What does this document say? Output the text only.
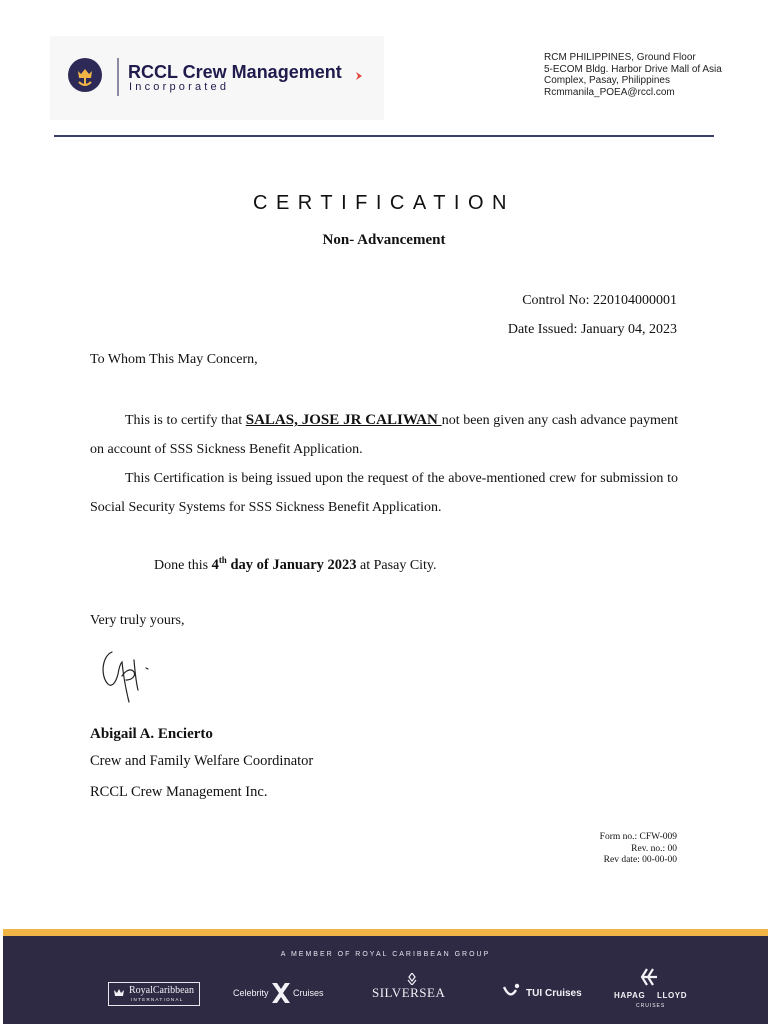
RCCL Crew Management
Incorporated
RCM PHILIPPINES, Ground Floor
5-ECOM Bldg. Harbor Drive Mall of Asia
Complex, Pasay, Philippines
Rcmmanila_POEA@rccl.com
CERTIFICATION
Non- Advancement
Control No: 220104000001
Date Issued: January 04, 2023
To Whom This May Concern,
This is to certify that SALAS, JOSE JR CALIWAN not been given any cash advance payment on account of SSS Sickness Benefit Application.
This Certification is being issued upon the request of the above-mentioned crew for submission to Social Security Systems for SSS Sickness Benefit Application.
Done this 4th day of January 2023 at Pasay City.
Very truly yours,
Abigail A. Encierto
Crew and Family Welfare Coordinator
RCCL Crew Management Inc.
Form no.: CFW-009
Rev. no.: 00
Rev date: 00-00-00
A MEMBER OF ROYAL CARIBBEAN GROUP
RoyalCaribbean
INTERNATIONAL
Celebrity	Cruises	SILVERSEA	TUI Cruises	HAPAG LLOYD
CRUISES
